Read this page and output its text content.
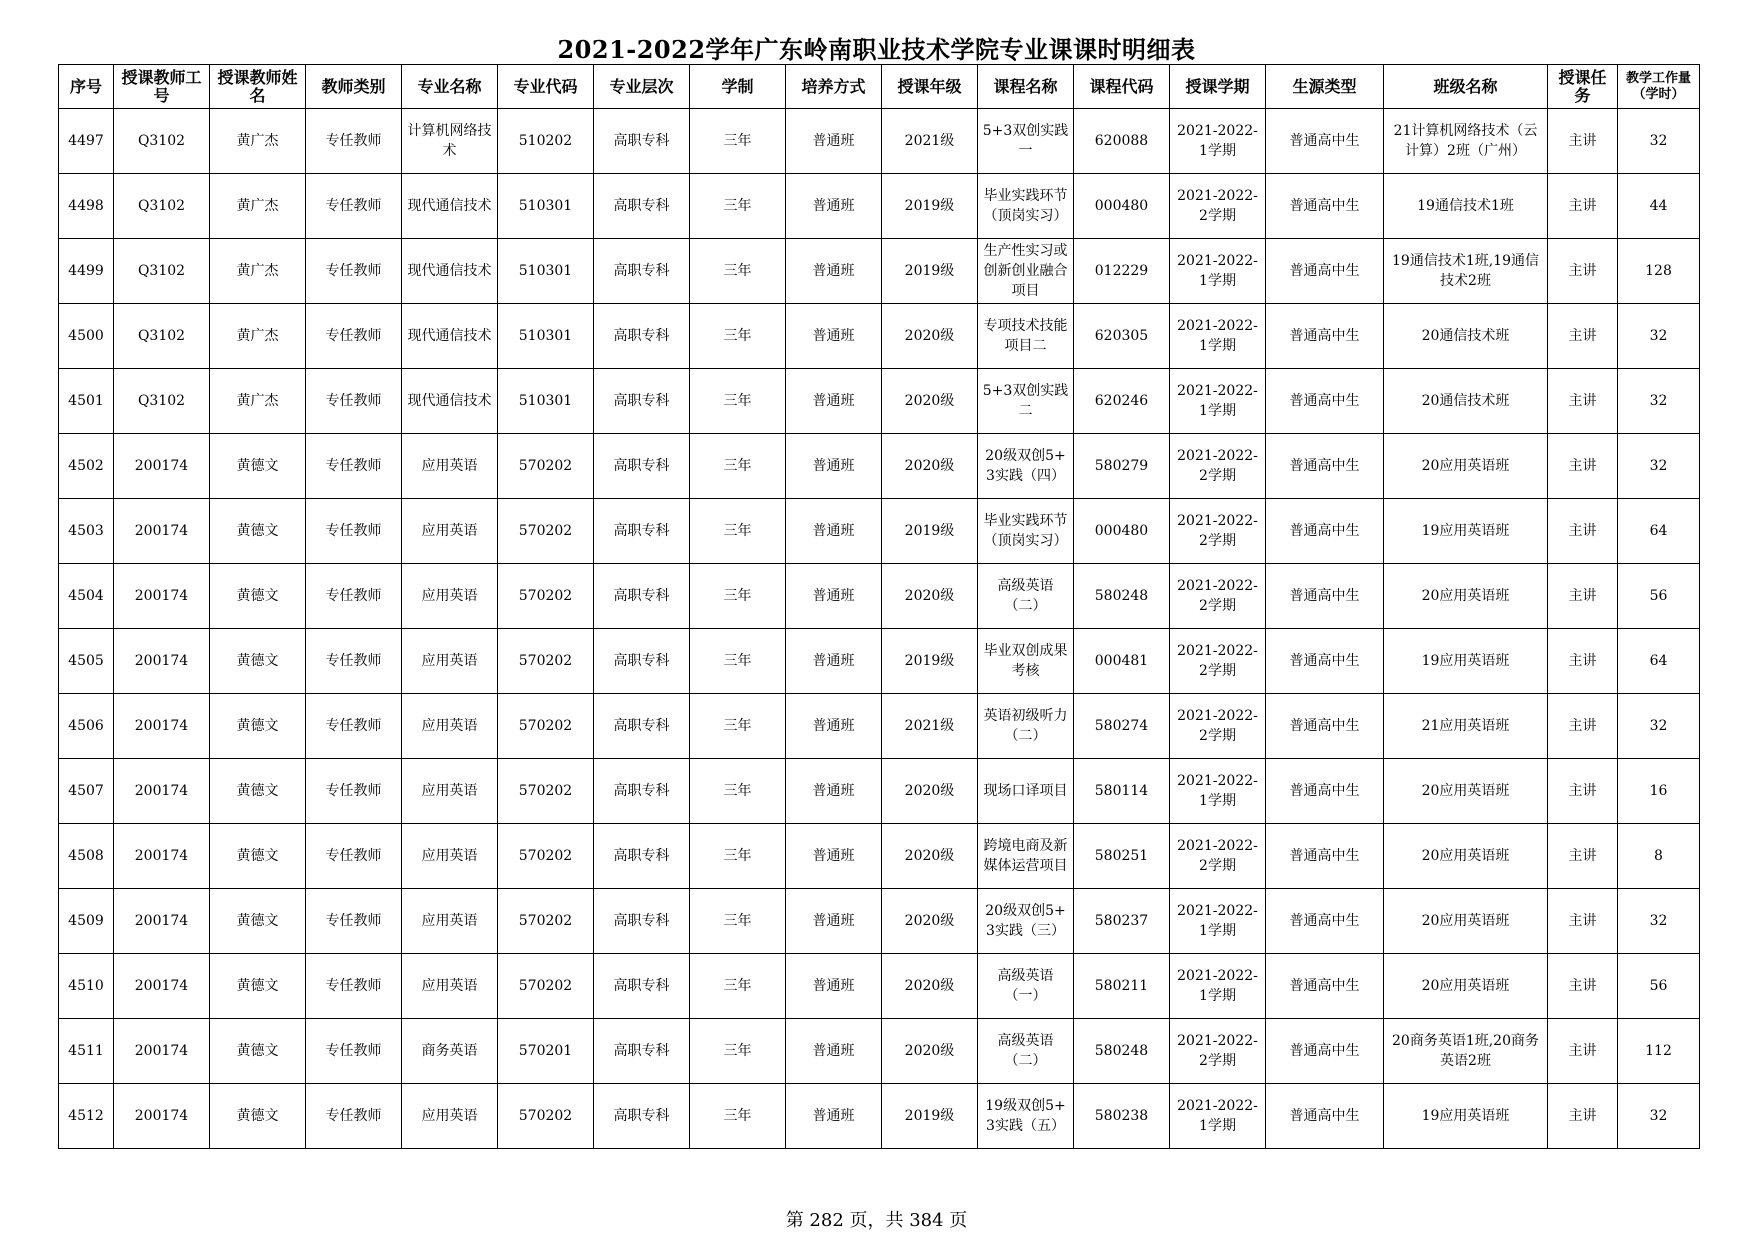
2021-2022学年广东岭南职业技术学院专业课课时明细表
序号	授课教师工号	授课教师姓名	教师类别	专业名称	专业代码	专业层次	学制	培养方式	授课年级	课程名称	课程代码	授课学期	生源类型	班级名称	授课任务	教学工作量（学时）
4497	Q3102	黄广杰	专任教师	计算机网络技术	510202	高职专科	三年	普通班	2021级	5+3双创实践一	620088	2021-2022-1学期	普通高中生	21计算机网络技术（云计算）2班（广州）	主讲	32
4498	Q3102	黄广杰	专任教师	现代通信技术	510301	高职专科	三年	普通班	2019级	毕业实践环节（顶岗实习）	000480	2021-2022-2学期	普通高中生	19通信技术1班	主讲	44
4499	Q3102	黄广杰	专任教师	现代通信技术	510301	高职专科	三年	普通班	2019级	生产性实习或创新创业融合项目	012229	2021-2022-1学期	普通高中生	19通信技术1班,19通信技术2班	主讲	128
4500	Q3102	黄广杰	专任教师	现代通信技术	510301	高职专科	三年	普通班	2020级	专项技术技能项目二	620305	2021-2022-1学期	普通高中生	20通信技术班	主讲	32
4501	Q3102	黄广杰	专任教师	现代通信技术	510301	高职专科	三年	普通班	2020级	5+3双创实践二	620246	2021-2022-1学期	普通高中生	20通信技术班	主讲	32
4502	200174	黄德文	专任教师	应用英语	570202	高职专科	三年	普通班	2020级	20级双创5+3实践（四）	580279	2021-2022-2学期	普通高中生	20应用英语班	主讲	32
4503	200174	黄德文	专任教师	应用英语	570202	高职专科	三年	普通班	2019级	毕业实践环节（顶岗实习）	000480	2021-2022-2学期	普通高中生	19应用英语班	主讲	64
4504	200174	黄德文	专任教师	应用英语	570202	高职专科	三年	普通班	2020级	高级英语（二）	580248	2021-2022-2学期	普通高中生	20应用英语班	主讲	56
4505	200174	黄德文	专任教师	应用英语	570202	高职专科	三年	普通班	2019级	毕业双创成果考核	000481	2021-2022-2学期	普通高中生	19应用英语班	主讲	64
4506	200174	黄德文	专任教师	应用英语	570202	高职专科	三年	普通班	2021级	英语初级听力（二）	580274	2021-2022-2学期	普通高中生	21应用英语班	主讲	32
4507	200174	黄德文	专任教师	应用英语	570202	高职专科	三年	普通班	2020级	现场口译项目	580114	2021-2022-1学期	普通高中生	20应用英语班	主讲	16
4508	200174	黄德文	专任教师	应用英语	570202	高职专科	三年	普通班	2020级	跨境电商及新媒体运营项目	580251	2021-2022-2学期	普通高中生	20应用英语班	主讲	8
4509	200174	黄德文	专任教师	应用英语	570202	高职专科	三年	普通班	2020级	20级双创5+3实践（三）	580237	2021-2022-1学期	普通高中生	20应用英语班	主讲	32
4510	200174	黄德文	专任教师	应用英语	570202	高职专科	三年	普通班	2020级	高级英语（一）	580211	2021-2022-1学期	普通高中生	20应用英语班	主讲	56
4511	200174	黄德文	专任教师	商务英语	570201	高职专科	三年	普通班	2020级	高级英语（二）	580248	2021-2022-2学期	普通高中生	20商务英语1班,20商务英语2班	主讲	112
4512	200174	黄德文	专任教师	应用英语	570202	高职专科	三年	普通班	2019级	19级双创5+3实践（五）	580238	2021-2022-1学期	普通高中生	19应用英语班	主讲	32
第 282 页，共 384 页
